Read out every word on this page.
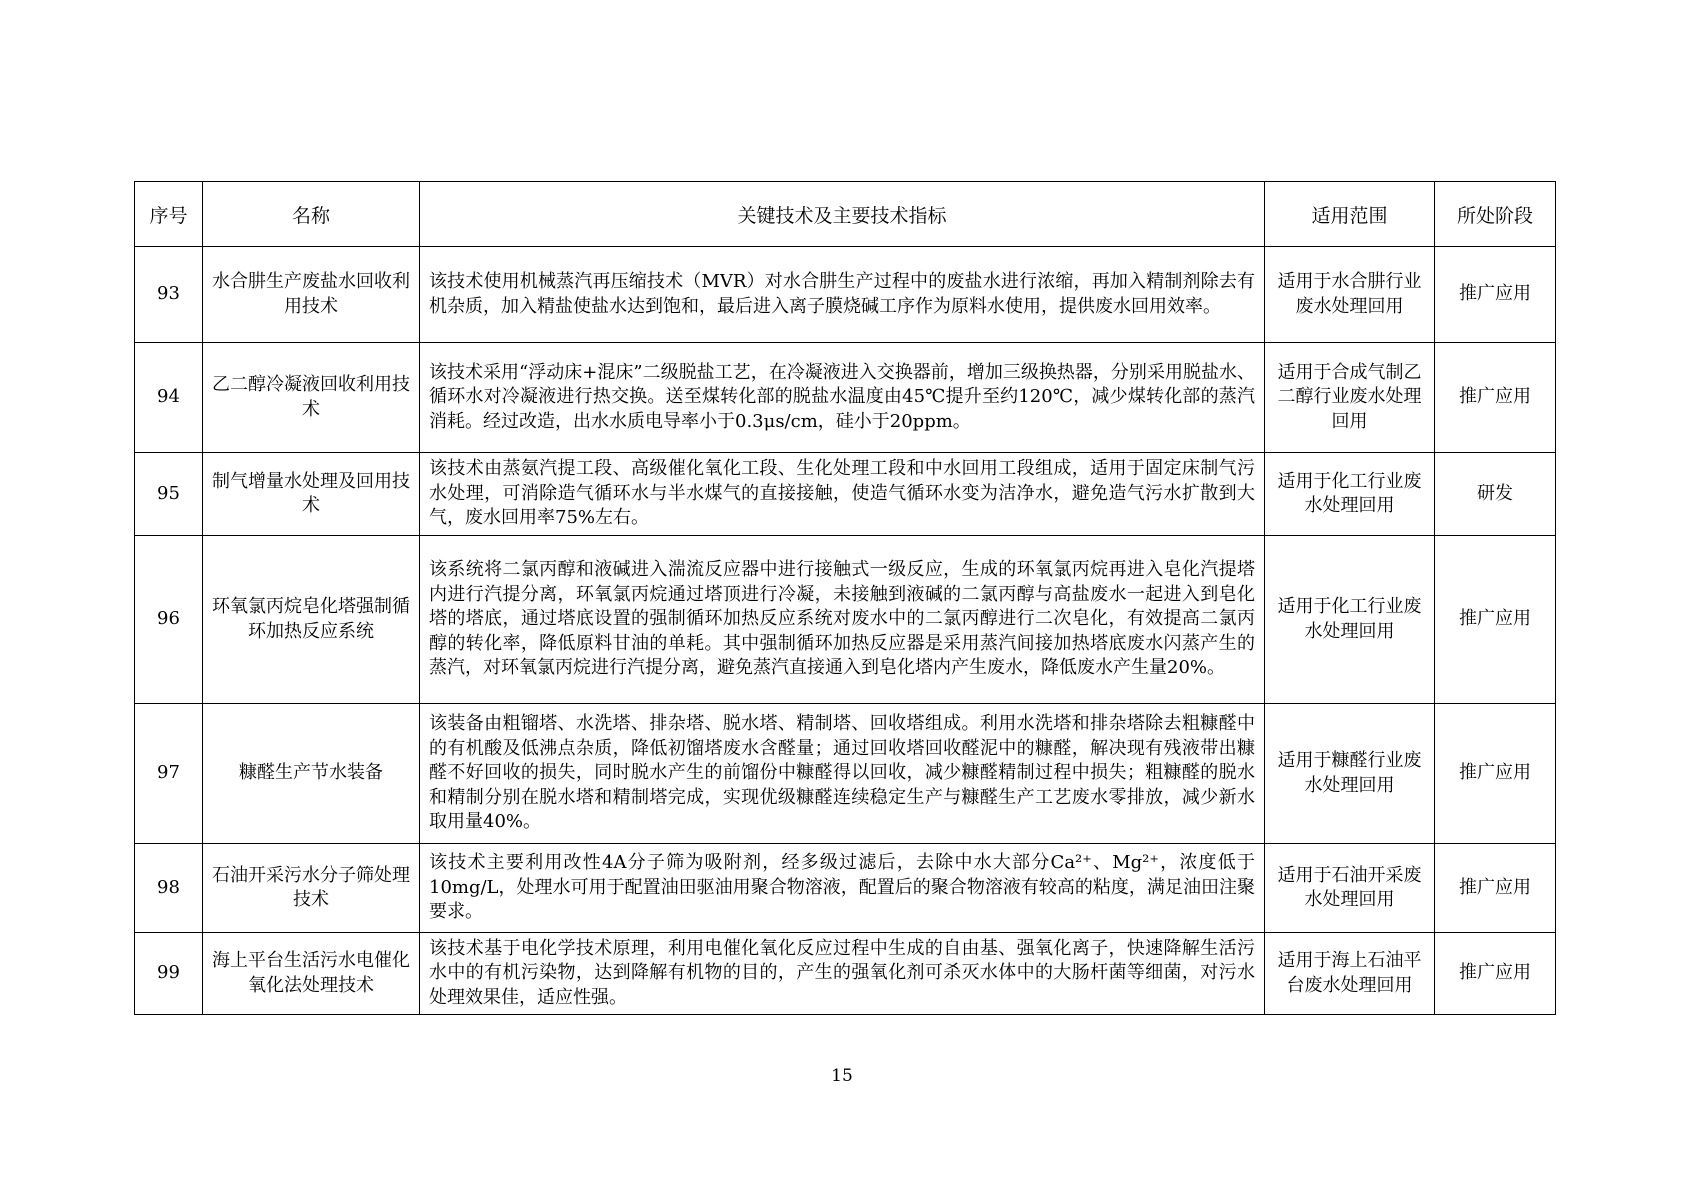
序号	名称	关键技术及主要技术指标	适用范围	所处阶段
93	水合肼生产废盐水回收利用技术	该技术使用机械蒸汽再压缩技术（MVR）对水合肼生产过程中的废盐水进行浓缩，再加入精制剂除去有机杂质，加入精盐使盐水达到饱和，最后进入离子膜烧碱工序作为原料水使用，提供废水回用效率。	适用于水合肼行业废水处理回用	推广应用
94	乙二醇冷凝液回收利用技术	该技术采用“浮动床+混床”二级脱盐工艺，在冷凝液进入交换器前，增加三级换热器，分别采用脱盐水、循环水对冷凝液进行热交换。送至煤转化部的脱盐水温度由45℃提升至约120℃，减少煤转化部的蒸汽消耗。经过改造，出水水质电导率小于0.3μs/cm，硅小于20ppm。	适用于合成气制乙二醇行业废水处理回用	推广应用
95	制气增量水处理及回用技术	该技术由蒸氨汽提工段、高级催化氧化工段、生化处理工段和中水回用工段组成，适用于固定床制气污水处理，可消除造气循环水与半水煤气的直接接触，使造气循环水变为洁净水，避免造气污水扩散到大气，废水回用率75%左右。	适用于化工行业废水处理回用	研发
96	环氧氯丙烷皂化塔强制循环加热反应系统	该系统将二氯丙醇和液碱进入湍流反应器中进行接触式一级反应，生成的环氧氯丙烷再进入皂化汽提塔内进行汽提分离，环氧氯丙烷通过塔顶进行冷凝，未接触到液碱的二氯丙醇与高盐废水一起进入到皂化塔的塔底，通过塔底设置的强制循环加热反应系统对废水中的二氯丙醇进行二次皂化，有效提高二氯丙醇的转化率，降低原料甘油的单耗。其中强制循环加热反应器是采用蒸汽间接加热塔底废水闪蒸产生的蒸汽，对环氧氯丙烷进行汽提分离，避免蒸汽直接通入到皂化塔内产生废水，降低废水产生量20%。	适用于化工行业废水处理回用	推广应用
97	糠醛生产节水装备	该装备由粗镏塔、水洗塔、排杂塔、脱水塔、精制塔、回收塔组成。利用水洗塔和排杂塔除去粗糠醛中的有机酸及低沸点杂质，降低初馏塔废水含醛量；通过回收塔回收醛泥中的糠醛，解决现有残液带出糠醛不好回收的损失，同时脱水产生的前馏份中糠醛得以回收，减少糠醛精制过程中损失；粗糠醛的脱水和精制分别在脱水塔和精制塔完成，实现优级糠醛连续稳定生产与糠醛生产工艺废水零排放，减少新水取用量40%。	适用于糠醛行业废水处理回用	推广应用
98	石油开采污水分子筛处理技术	该技术主要利用改性4A分子筛为吸附剂，经多级过滤后，去除中水大部分Ca²⁺、Mg²⁺，浓度低于10mg/L，处理水可用于配置油田驱油用聚合物溶液，配置后的聚合物溶液有较高的粘度，满足油田注聚要求。	适用于石油开采废水处理回用	推广应用
99	海上平台生活污水电催化氧化法处理技术	该技术基于电化学技术原理，利用电催化氧化反应过程中生成的自由基、强氧化离子，快速降解生活污水中的有机污染物，达到降解有机物的目的，产生的强氧化剂可杀灭水体中的大肠杆菌等细菌，对污水处理效果佳，适应性强。	适用于海上石油平台废水处理回用	推广应用
15
